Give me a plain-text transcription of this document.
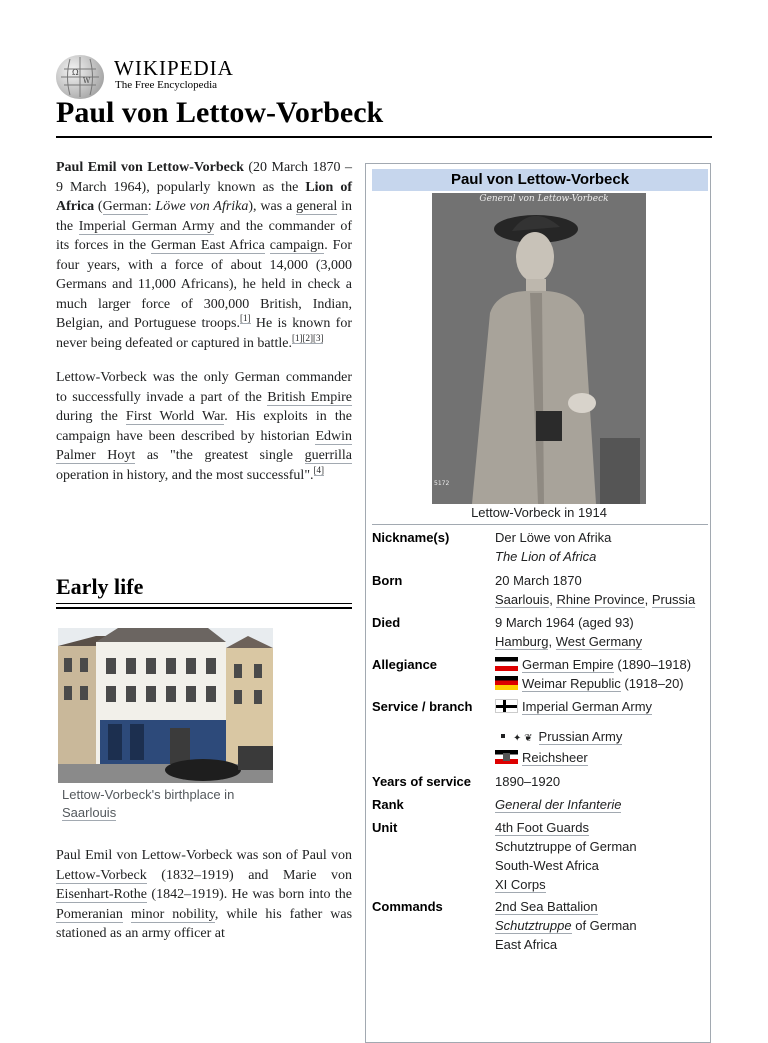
Ω
W
WIKIPEDIA
The Free Encyclopedia
Paul von Lettow-Vorbeck

Paul Emil von Lettow-Vorbeck (20 March 1870 – 9 March 1964), popularly known as the Lion of Africa (German: Löwe von Afrika), was a general in the Imperial German Army and the commander of its forces in the German East Africa campaign. For four years, with a force of about 14,000 (3,000 Germans and 11,000 Africans), he held in check a much larger force of 300,000 British, Indian, Belgian, and Portuguese troops.[1] He is known for never being defeated or captured in battle.[1][2][3]

Lettow-Vorbeck was the only German commander to successfully invade a part of the British Empire during the First World War. His exploits in the campaign have been described by historian Edwin Palmer Hoyt as "the greatest single guerrilla operation in history, and the most successful".[4]

Early life
Lettow-Vorbeck's birthplace in Saarlouis

Paul Emil von Lettow-Vorbeck was son of Paul von Lettow-Vorbeck (1832–1919) and Marie von Eisenhart-Rothe (1842–1919). He was born into the Pomeranian minor nobility, while his father was stationed as an army officer at

Paul von Lettow-Vorbeck
General von Lettow-Vorbeck
5172
Lettow-Vorbeck in 1914
Nickname(s)	Der Löwe von Afrika
The Lion of Africa
Born	20 March 1870
Saarlouis, Rhine Province, Prussia
Died	9 March 1964 (aged 93)
Hamburg, West Germany
Allegiance	German Empire (1890–1918)
Weimar Republic (1918–20)
Service / branch	Imperial German Army
✦ ❦ Prussian Army
Reichsheer
Years of service 1890–1920
Rank	General der Infanterie
Unit	4th Foot Guards
Schutztruppe of German
South-West Africa
XI Corps
Commands	2nd Sea Battalion
Schutztruppe of German
East Africa
